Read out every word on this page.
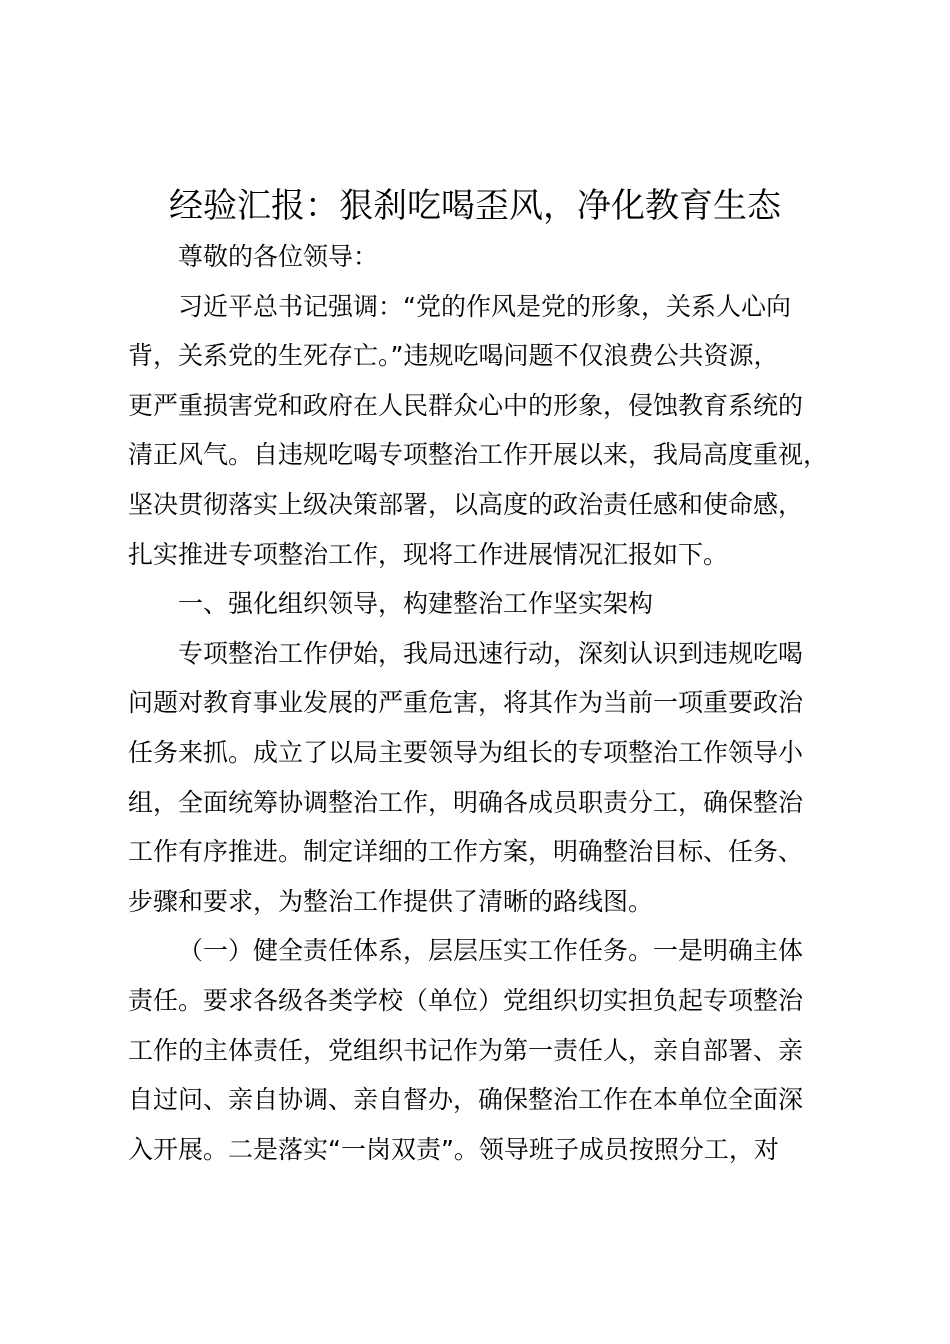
经验汇报：狠刹吃喝歪风，净化教育生态
尊敬的各位领导：
习近平总书记强调：“党的作风是党的形象，关系人心向
背，关系党的生死存亡。”违规吃喝问题不仅浪费公共资源，
更严重损害党和政府在人民群众心中的形象，侵蚀教育系统的
清正风气。自违规吃喝专项整治工作开展以来，我局高度重视，
坚决贯彻落实上级决策部署，以高度的政治责任感和使命感，
扎实推进专项整治工作，现将工作进展情况汇报如下。
一、强化组织领导，构建整治工作坚实架构
专项整治工作伊始，我局迅速行动，深刻认识到违规吃喝
问题对教育事业发展的严重危害，将其作为当前一项重要政治
任务来抓。成立了以局主要领导为组长的专项整治工作领导小
组，全面统筹协调整治工作，明确各成员职责分工，确保整治
工作有序推进。制定详细的工作方案，明确整治目标、任务、
步骤和要求，为整治工作提供了清晰的路线图。
（一）健全责任体系，层层压实工作任务。一是明确主体
责任。要求各级各类学校（单位）党组织切实担负起专项整治
工作的主体责任，党组织书记作为第一责任人，亲自部署、亲
自过问、亲自协调、亲自督办，确保整治工作在本单位全面深
入开展。二是落实“一岗双责”。领导班子成员按照分工，对
